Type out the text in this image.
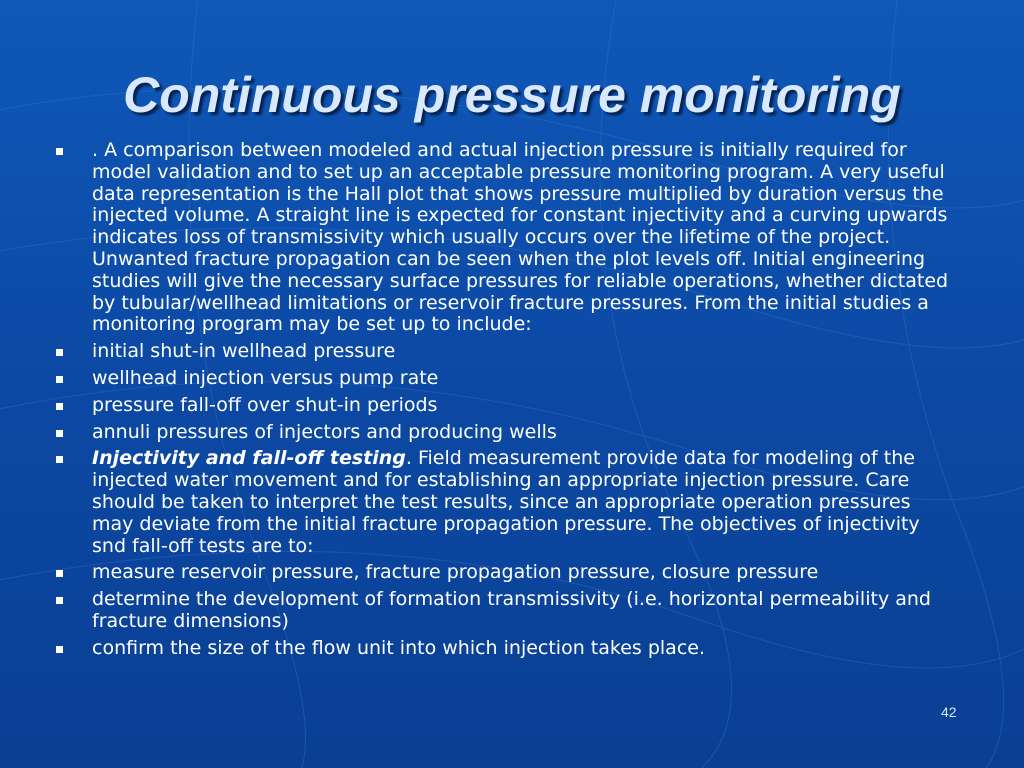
Continuous pressure monitoring
. A comparison between modeled and actual injection pressure is initially required for model validation and to set up an acceptable pressure monitoring program. A very useful data representation is the Hall plot that shows pressure multiplied by duration versus the injected volume. A straight line is expected for constant injectivity and a curving upwards indicates loss of transmissivity which usually occurs over the lifetime of the project. Unwanted fracture propagation can be seen when the plot levels off. Initial engineering studies will give the necessary surface pressures for reliable operations, whether dictated by tubular/wellhead limitations or reservoir fracture pressures. From the initial studies a monitoring program may be set up to include:
initial shut-in wellhead pressure
wellhead injection versus pump rate
pressure fall-off over shut-in periods
annuli pressures of injectors and producing wells
Injectivity and fall-off testing. Field measurement provide data for modeling of the injected water movement and for establishing an appropriate injection pressure. Care should be taken to interpret the test results, since an appropriate operation pressures may deviate from the initial fracture propagation pressure. The objectives of injectivity snd fall-off tests are to:
measure reservoir pressure, fracture propagation pressure, closure pressure
determine the development of formation transmissivity (i.e. horizontal permeability and fracture dimensions)
confirm the size of the flow unit into which injection takes place.
42
